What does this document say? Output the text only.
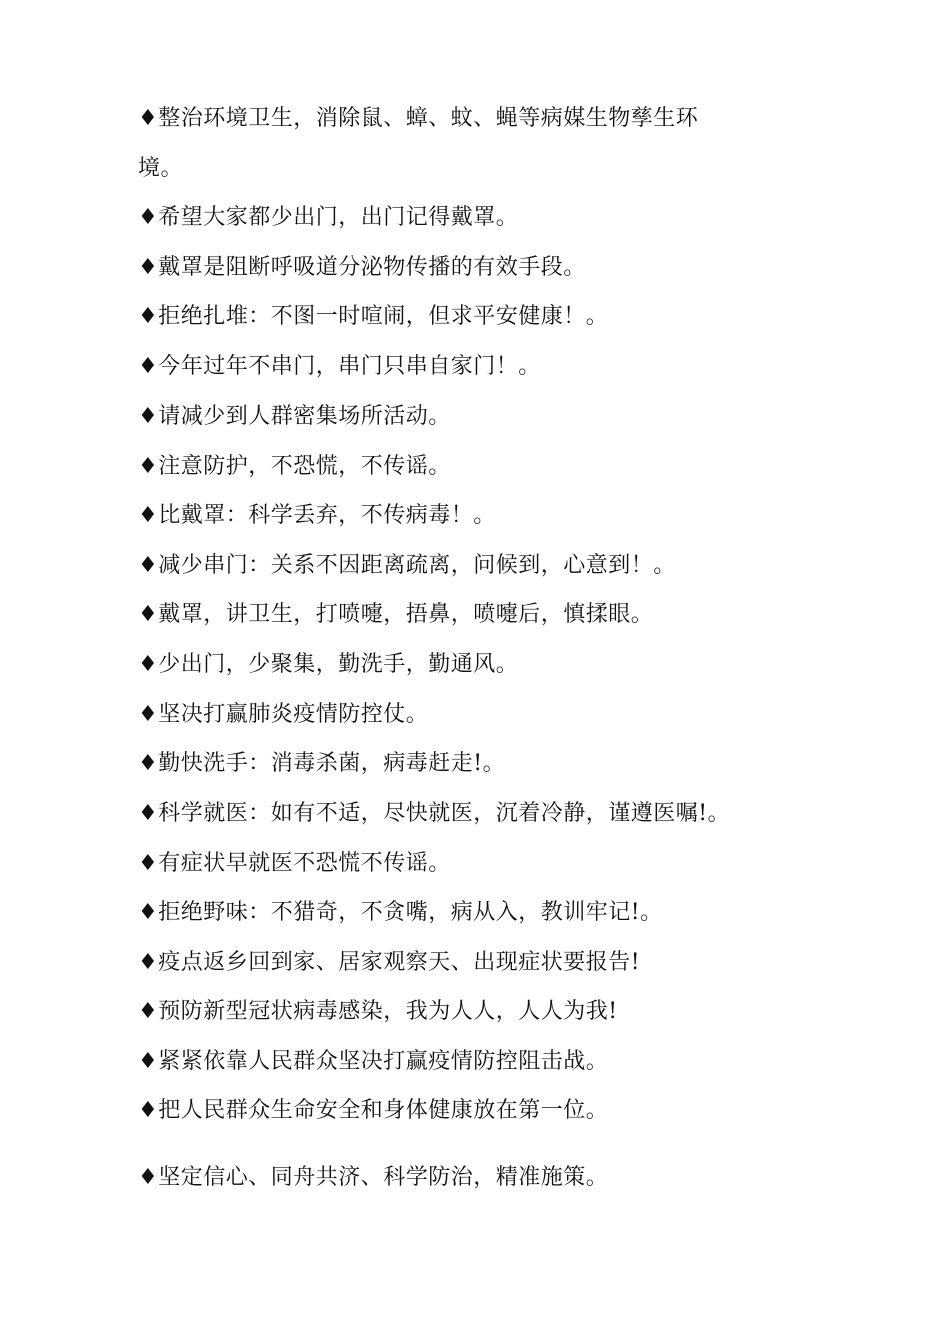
♦整治环境卫生，消除鼠、蟑、蚊、蝇等病媒生物孳生环
境。
♦希望大家都少出门，出门记得戴罩。
♦戴罩是阻断呼吸道分泌物传播的有效手段。
♦拒绝扎堆：不图一时喧闹，但求平安健康！。
♦今年过年不串门，串门只串自家门！。
♦请减少到人群密集场所活动。
♦注意防护，不恐慌，不传谣。
♦比戴罩：科学丢弃，不传病毒！。
♦减少串门：关系不因距离疏离，问候到，心意到！。
♦戴罩，讲卫生，打喷嚏，捂鼻，喷嚏后，慎揉眼。
♦少出门，少聚集，勤洗手，勤通风。
♦坚决打赢肺炎疫情防控仗。
♦勤快洗手：消毒杀菌，病毒赶走!。
♦科学就医：如有不适，尽快就医，沉着冷静，谨遵医嘱!。
♦有症状早就医不恐慌不传谣。
♦拒绝野味：不猎奇，不贪嘴，病从入，教训牢记!。
♦疫点返乡回到家、居家观察天、出现症状要报告!
♦预防新型冠状病毒感染，我为人人，人人为我!
♦紧紧依靠人民群众坚决打赢疫情防控阻击战。
♦把人民群众生命安全和身体健康放在第一位。
♦坚定信心、同舟共济、科学防治，精准施策。
